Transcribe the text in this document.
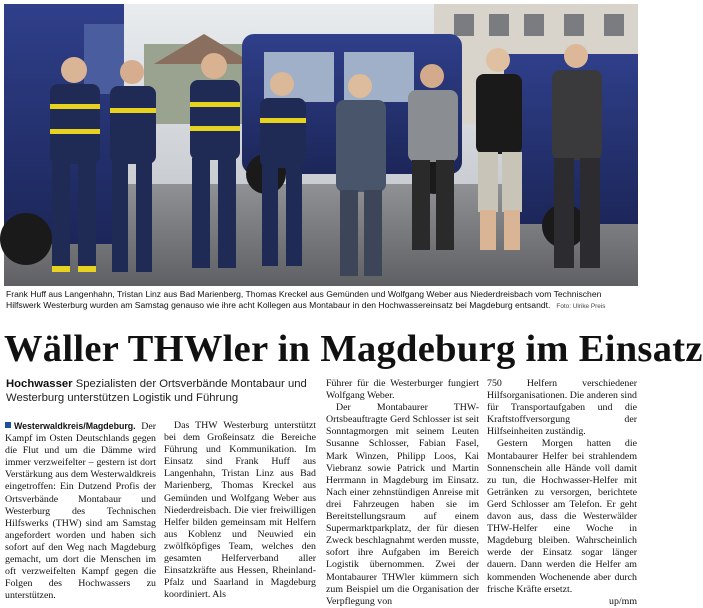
Frank Huff aus Langenhahn, Tristan Linz aus Bad Marienberg, Thomas Kreckel aus Gemünden und Wolfgang Weber aus Niederdreisbach vom Technischen Hilfswerk Westerburg wurden am Samstag genauso wie ihre acht Kollegen aus Montabaur in den Hochwassereinsatz bei Magdeburg entsandt. Foto: Ulrike Preis
Wäller THWler in Magdeburg im Einsatz
Hochwasser Spezialisten der Ortsverbände Montabaur und Westerburg unterstützen Logistik und Führung
Westerwaldkreis/Magdeburg. Der Kampf im Osten Deutschlands gegen die Flut und um die Dämme wird immer verzweifelter – gestern ist dort Verstärkung aus dem Westerwaldkreis eingetroffen: Ein Dutzend Profis der Ortsverbände Montabaur und Westerburg des Technischen Hilfswerks (THW) sind am Samstag angefordert worden und haben sich sofort auf den Weg nach Magdeburg gemacht, um dort die Menschen im oft verzweifelten Kampf gegen die Folgen des Hochwassers zu unterstützen.

Das THW Westerburg unterstützt bei dem Großeinsatz die Bereiche Führung und Kommunikation. Im Einsatz sind Frank Huff aus Langenhahn, Tristan Linz aus Bad Marienberg, Thomas Kreckel aus Gemünden und Wolfgang Weber aus Niederdreisbach. Die vier freiwilligen Helfer bilden gemeinsam mit Helfern aus Koblenz und Neuwied ein zwölfköpfiges Team, welches den gesamten Helferverband aller Einsatzkräfte aus Hessen, Rheinland-Pfalz und Saarland in Magdeburg koordiniert. Als

Führer für die Westerburger fungiert Wolfgang Weber.

Der Montabaurer THW-Ortsbeauftragte Gerd Schlosser ist seit Sonntagmorgen mit seinem Leuten Susanne Schlosser, Fabian Fasel, Mark Winzen, Philipp Loos, Kai Viebranz sowie Patrick und Martin Herrmann in Magdeburg im Einsatz. Nach einer zehnstündigen Anreise mit drei Fahrzeugen haben sie im Bereitstellungsraum auf einem Supermarktparkplatz, der für diesen Zweck beschlagnahmt werden musste, sofort ihre Aufgaben im Bereich Logistik übernommen. Zwei der Montabaurer THWler kümmern sich zum Beispiel um die Organisation der Verpflegung von

750 Helfern verschiedener Hilfsorganisationen. Die anderen sind für Transportaufgaben und die Kraftstoffversorgung der Hilfseinheiten zuständig.

Gestern Morgen hatten die Montabaurer Helfer bei strahlendem Sonnenschein alle Hände voll damit zu tun, die Hochwasser-Helfer mit Getränken zu versorgen, berichtete Gerd Schlosser am Telefon. Er geht davon aus, dass die Westerwälder THW-Helfer eine Woche in Magdeburg bleiben. Wahrscheinlich werde der Einsatz sogar länger dauern. Dann werden die Helfer am kommenden Wochenende aber durch frische Kräfte ersetzt.

up/mm
